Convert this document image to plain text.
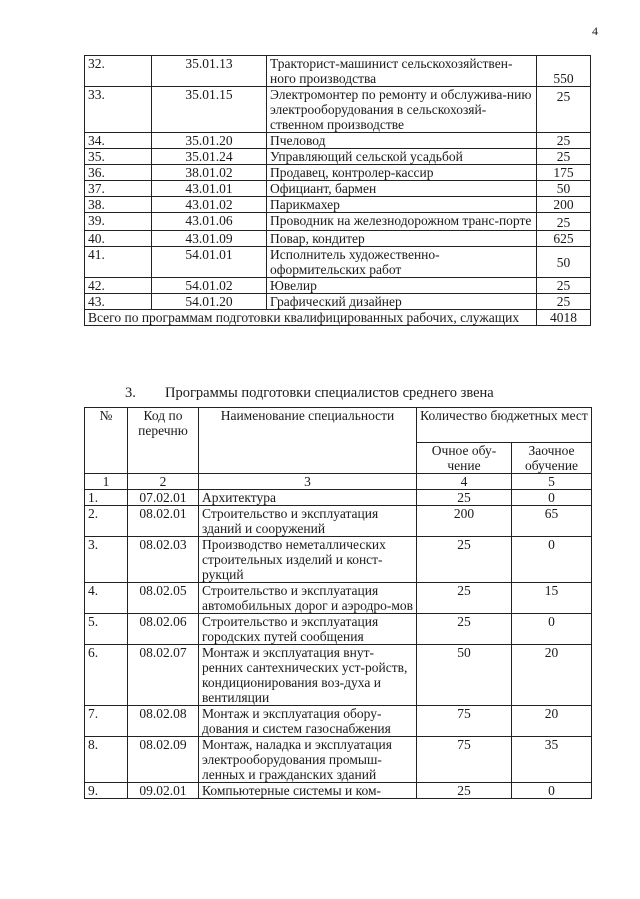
4
32.	35.01.13	Тракторист-машинист сельскохозяйствен-ного производства	550
33.	35.01.15	Электромонтер по ремонту и обслужива-нию электрооборудования в сельскохозяй-ственном производстве	25
34.	35.01.20	Пчеловод	25
35.	35.01.24	Управляющий сельской усадьбой	25
36.	38.01.02	Продавец, контролер-кассир	175
37.	43.01.01	Официант, бармен	50
38.	43.01.02	Парикмахер	200
39.	43.01.06	Проводник на железнодорожном транс-порте	25
40.	43.01.09	Повар, кондитер	625
41.	54.01.01	Исполнитель художественно-оформительских работ	50
42.	54.01.02	Ювелир	25
43.	54.01.20	Графический дизайнер	25
Всего по программам подготовки квалифицированных рабочих, служащих			4018
3. Программы подготовки специалистов среднего звена
№	Код по перечню	Наименование специальности	Количество бюджетных мест	
			Очное обу-чение	Заочное обучение
1	2	3	4	5
1.	07.02.01	Архитектура	25	0
2.	08.02.01	Строительство и эксплуатация зданий и сооружений	200	65
3.	08.02.03	Производство неметаллических строительных изделий и конст-рукций	25	0
4.	08.02.05	Строительство и эксплуатация автомобильных дорог и аэродро-мов	25	15
5.	08.02.06	Строительство и эксплуатация городских путей сообщения	25	0
6.	08.02.07	Монтаж и эксплуатация внут-ренних сантехнических уст-ройств, кондиционирования воз-духа и вентиляции	50	20
7.	08.02.08	Монтаж и эксплуатация обору-дования и систем газоснабжения	75	20
8.	08.02.09	Монтаж, наладка и эксплуатация электрооборудования промыш-ленных и гражданских зданий	75	35
9.	09.02.01	Компьютерные системы и ком-	25	0
